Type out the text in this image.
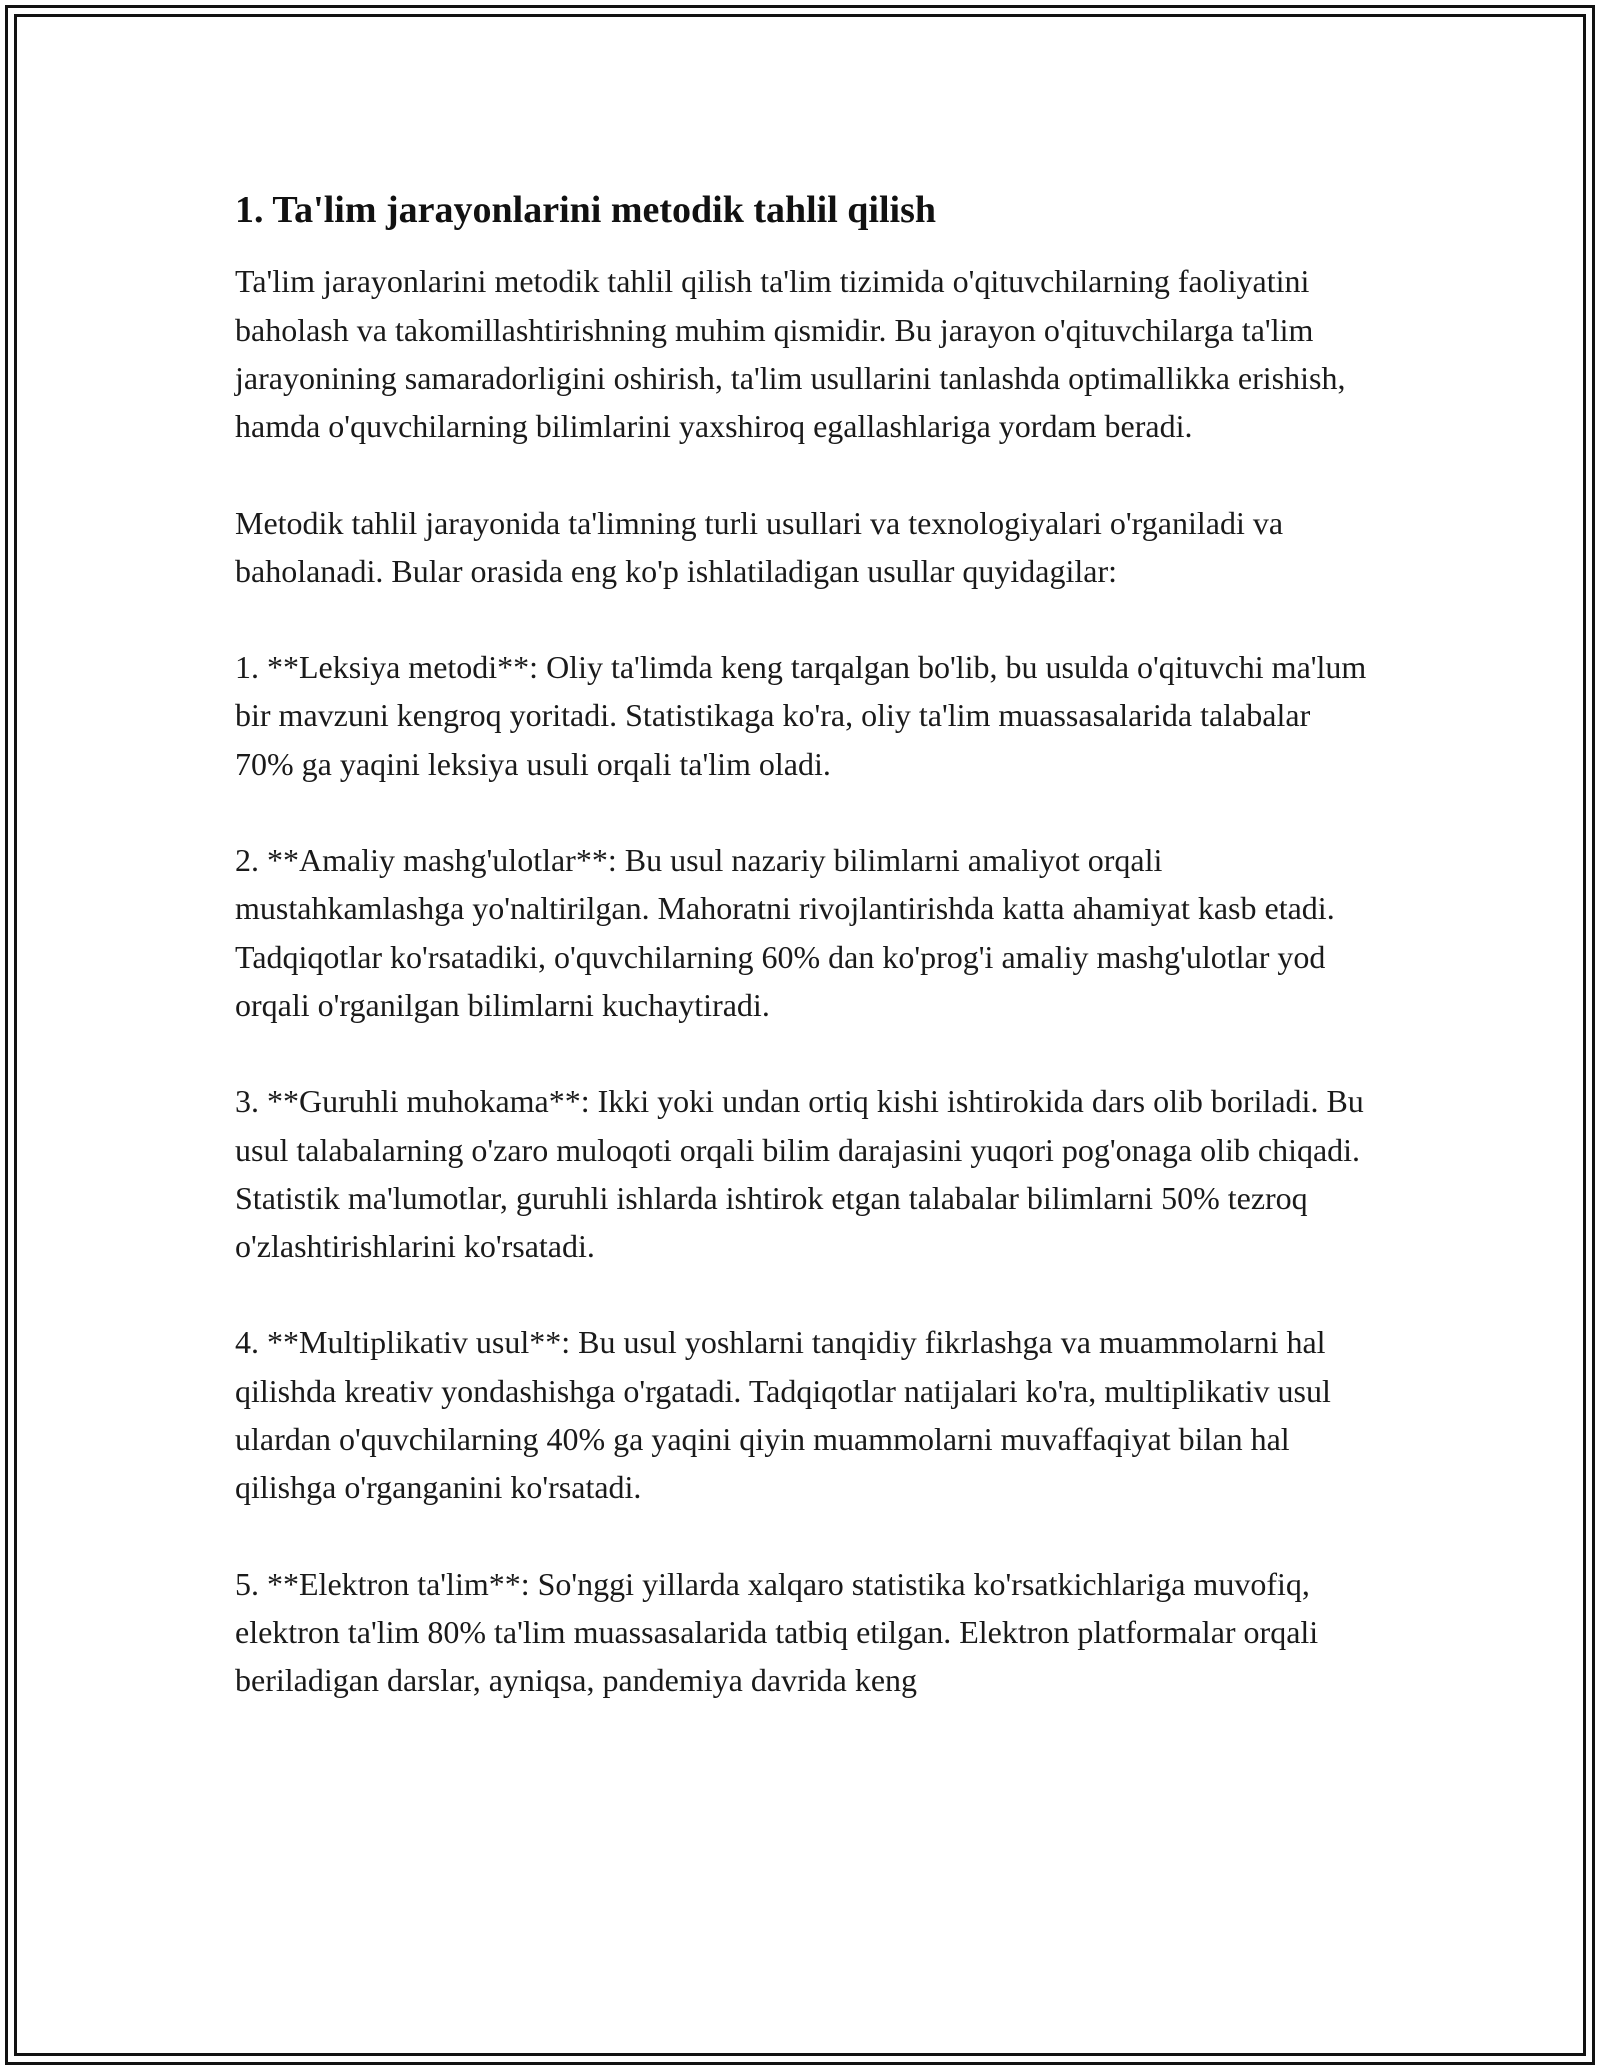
1. Ta'lim jarayonlarini metodik tahlil qilish

Ta'lim jarayonlarini metodik tahlil qilish ta'lim tizimida o'qituvchilarning faoliyatini baholash va takomillashtirishning muhim qismidir. Bu jarayon o'qituvchilarga ta'lim jarayonining samaradorligini oshirish, ta'lim usullarini tanlashda optimallikka erishish, hamda o'quvchilarning bilimlarini yaxshiroq egallashlariga yordam beradi.

Metodik tahlil jarayonida ta'limning turli usullari va texnologiyalari o'rganiladi va baholanadi. Bular orasida eng ko'p ishlatiladigan usullar quyidagilar:

1. **Leksiya metodi**: Oliy ta'limda keng tarqalgan bo'lib, bu usulda o'qituvchi ma'lum bir mavzuni kengroq yoritadi. Statistikaga ko'ra, oliy ta'lim muassasalarida talabalar 70% ga yaqini leksiya usuli orqali ta'lim oladi.

2. **Amaliy mashg'ulotlar**: Bu usul nazariy bilimlarni amaliyot orqali mustahkamlashga yo'naltirilgan. Mahoratni rivojlantirishda katta ahamiyat kasb etadi. Tadqiqotlar ko'rsatadiki, o'quvchilarning 60% dan ko'prog'i amaliy mashg'ulotlar yod orqali o'rganilgan bilimlarni kuchaytiradi.

3. **Guruhli muhokama**: Ikki yoki undan ortiq kishi ishtirokida dars olib boriladi. Bu usul talabalarning o'zaro muloqoti orqali bilim darajasini yuqori pog'onaga olib chiqadi. Statistik ma'lumotlar, guruhli ishlarda ishtirok etgan talabalar bilimlarni 50% tezroq o'zlashtirishlarini ko'rsatadi.

4. **Multiplikativ usul**: Bu usul yoshlarni tanqidiy fikrlashga va muammolarni hal qilishda kreativ yondashishga o'rgatadi. Tadqiqotlar natijalari ko'ra, multiplikativ usul ulardan o'quvchilarning 40% ga yaqini qiyin muammolarni muvaffaqiyat bilan hal qilishga o'rganganini ko'rsatadi.

5. **Elektron ta'lim**: So'nggi yillarda xalqaro statistika ko'rsatkichlariga muvofiq, elektron ta'lim 80% ta'lim muassasalarida tatbiq etilgan. Elektron platformalar orqali beriladigan darslar, ayniqsa, pandemiya davrida keng
